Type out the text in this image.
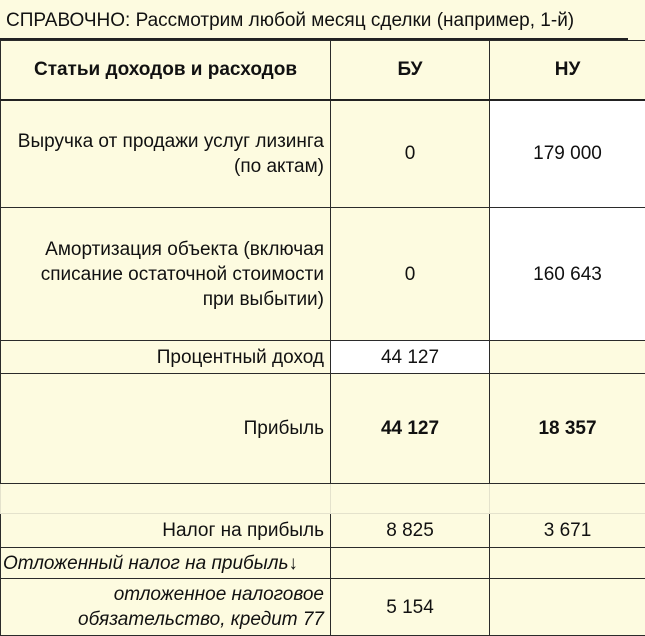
СПРАВОЧНО: Рассмотрим любой месяц сделки (например, 1-й)
Статьи доходов и расходов	БУ	НУ
Выручка от продажи услуг лизинга (по актам)	0	179 000
Амортизация объекта (включая списание остаточной стоимости при выбытии)	0	160 643
Процентный доход	44 127	
Прибыль	44 127	18 357

Налог на прибыль	8 825	3 671
Отложенный налог на прибыль↓		
отложенное налоговое обязательство, кредит 77	5 154	
